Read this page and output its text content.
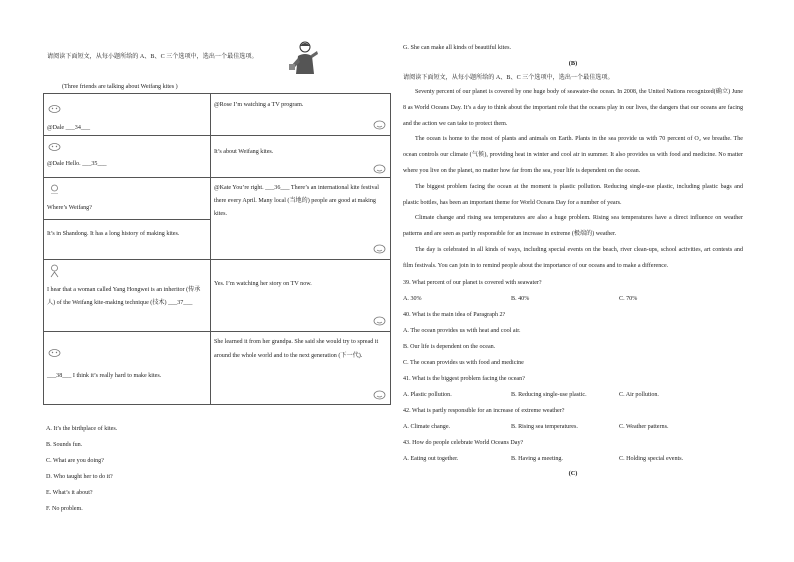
请阅读下面短文，从每小题所给的 A、B、C 三个选项中，选出一个最佳选项。
(Three friends are talking about Weifang kites )
@Dale ___34___	@Rose I’m watching a TV program.

@Dale Hello. ___35___	It’s about Weifang kites.

Where’s Weifang?	@Kate You’re right. ___36___ There’s an international kite festival there every April. Many local (当地的) people are good at making kites.

It’s in Shandong. It has a long history of making kites.	

I hear that a woman called Yang Hongwei is an inheritor (传承人) of the Weifang kite-making technique (技术) ___37___	Yes. I’m watching her story on TV now.

___38___ I think it’s really hard to make kites.	She learned it from her grandpa. She said she would try to spread it around the whole world and to the next generation (下一代).
A. It’s the birthplace of kites.
B. Sounds fun.
C. What are you doing?
D. Who taught her to do it?
E. What’s it about?
F. No problem.
G. She can make all kinds of beautiful kites.
(B)
请阅读下面短文，从每小题所给的 A、B、C 三个选项中，选出一个最佳选项。

Seventy percent of our planet is covered by one huge body of seawater-the ocean. In 2008, the United Nations recognized(确立) June 8 as World Oceans Day. It’s a day to think about the important role that the oceans play in our lives, the dangers that our oceans are facing and the action we can take to protect them.

The ocean is home to the most of plants and animals on Earth. Plants in the sea provide us with 70 percent of O₂ we breathe. The ocean controls our climate (气候), providing heat in winter and cool air in summer. It also provides us with food and medicine. No matter where you live on the planet, no matter how far from the sea, your life is dependent on the ocean.

The biggest problem facing the ocean at the moment is plastic pollution. Reducing single-use plastic, including plastic bags and plastic bottles, has been an important theme for World Oceans Day for a number of years.

Climate change and rising sea temperatures are also a huge problem. Rising sea temperatures have a direct influence on weather patterns and are seen as partly responsible for an increase in extreme (极端的) weather.

The day is celebrated in all kinds of ways, including special events on the beach, river clean-ups, school activities, art contests and film festivals. You can join in to remind people about the importance of our oceans and to make a difference.

39. What percent of our planet is covered with seawater?
A. 30%	B. 40%	C. 70%
40. What is the main idea of Paragraph 2?
A. The ocean provides us with heat and cool air.
B. Our life is dependent on the ocean.
C. The ocean provides us with food and medicine
41. What is the biggest problem facing the ocean?
A. Plastic pollution.	B. Reducing single-use plastic.	C. Air pollution.
42. What is partly responsible for an increase of extreme weather?
A. Climate change.	B. Rising sea temperatures.	C. Weather patterns.
43. How do people celebrate World Oceans Day?
A. Eating out together.	B. Having a meeting.	C. Holding special events.
(C)
